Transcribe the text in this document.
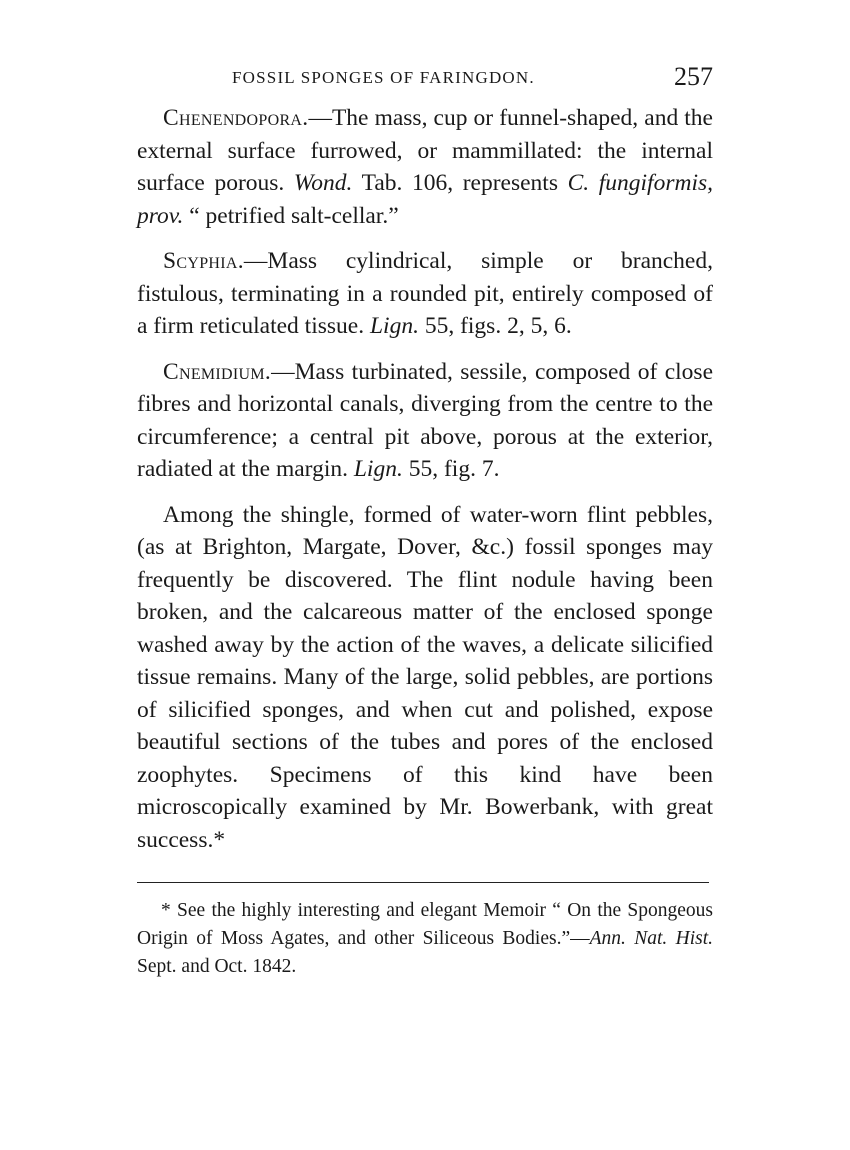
FOSSIL SPONGES OF FARINGDON.	257

Chenendopora.—The mass, cup or funnel-shaped, and the external surface furrowed, or mammillated: the internal surface porous. Wond. Tab. 106, represents C. fungiformis, prov. “ petrified salt-cellar.”

Scyphia.—Mass cylindrical, simple or branched, fistulous, terminating in a rounded pit, entirely composed of a firm reticulated tissue. Lign. 55, figs. 2, 5, 6.

Cnemidium.—Mass turbinated, sessile, composed of close fibres and horizontal canals, diverging from the centre to the circumference; a central pit above, porous at the exterior, radiated at the margin. Lign. 55, fig. 7.

Among the shingle, formed of water-worn flint pebbles, (as at Brighton, Margate, Dover, &c.) fossil sponges may frequently be discovered. The flint nodule having been broken, and the calcareous matter of the enclosed sponge washed away by the action of the waves, a delicate silicified tissue remains. Many of the large, solid pebbles, are portions of silicified sponges, and when cut and polished, expose beautiful sections of the tubes and pores of the enclosed zoophytes. Specimens of this kind have been microscopically examined by Mr. Bowerbank, with great success.*

* See the highly interesting and elegant Memoir “ On the Spongeous Origin of Moss Agates, and other Siliceous Bodies.”—Ann. Nat. Hist. Sept. and Oct. 1842.
